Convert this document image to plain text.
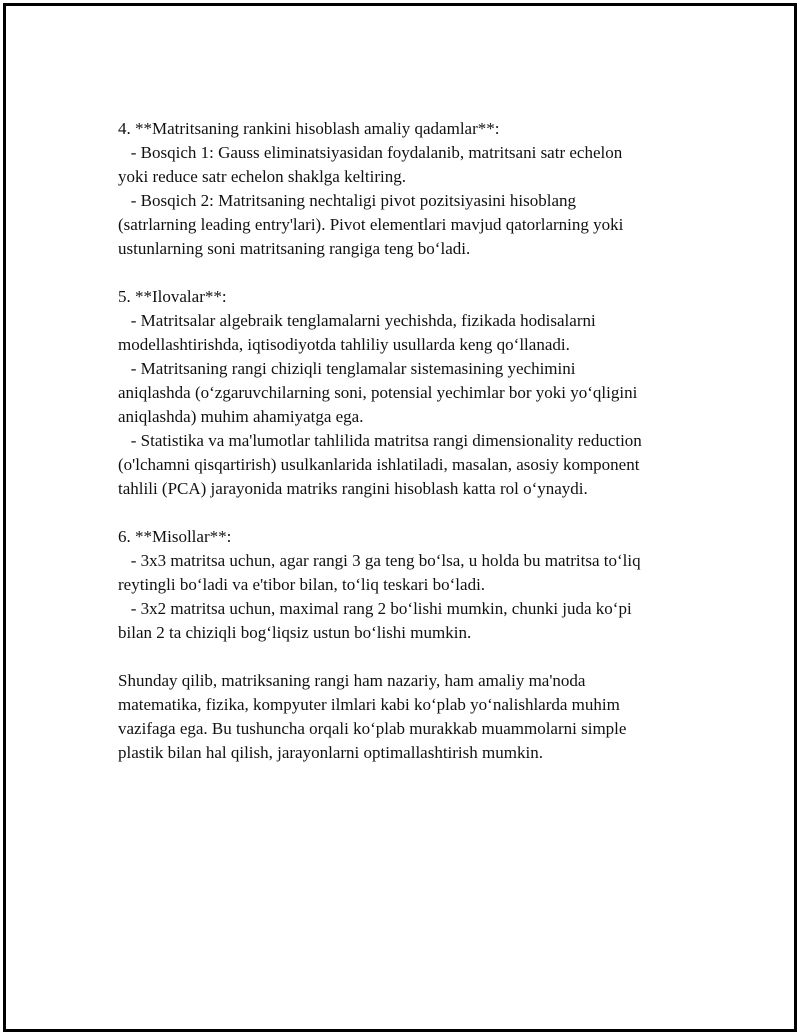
4. **Matritsaning rankini hisoblash amaliy qadamlar**:
- Bosqich 1: Gauss eliminatsiyasidan foydalanib, matritsani satr echelon
yoki reduce satr echelon shaklga keltiring.
- Bosqich 2: Matritsaning nechtaligi pivot pozitsiyasini hisoblang
(satrlarning leading entry'lari). Pivot elementlari mavjud qatorlarning yoki
ustunlarning soni matritsaning rangiga teng bo‘ladi.
5. **Ilovalar**:
- Matritsalar algebraik tenglamalarni yechishda, fizikada hodisalarni
modellashtirishda, iqtisodiyotda tahliliy usullarda keng qo‘llanadi.
- Matritsaning rangi chiziqli tenglamalar sistemasining yechimini
aniqlashda (o‘zgaruvchilarning soni, potensial yechimlar bor yoki yo‘qligini
aniqlashda) muhim ahamiyatga ega.
- Statistika va ma'lumotlar tahlilida matritsa rangi dimensionality reduction
(o'lchamni qisqartirish) usulkanlarida ishlatiladi, masalan, asosiy komponent
tahlili (PCA) jarayonida matriks rangini hisoblash katta rol o‘ynaydi.
6. **Misollar**:
- 3x3 matritsa uchun, agar rangi 3 ga teng bo‘lsa, u holda bu matritsa to‘liq
reytingli bo‘ladi va e'tibor bilan, to‘liq teskari bo‘ladi.
- 3x2 matritsa uchun, maximal rang 2 bo‘lishi mumkin, chunki juda ko‘pi
bilan 2 ta chiziqli bog‘liqsiz ustun bo‘lishi mumkin.
Shunday qilib, matriksaning rangi ham nazariy, ham amaliy ma'noda
matematika, fizika, kompyuter ilmlari kabi ko‘plab yo‘nalishlarda muhim
vazifaga ega. Bu tushuncha orqali ko‘plab murakkab muammolarni simple
plastik bilan hal qilish, jarayonlarni optimallashtirish mumkin.
